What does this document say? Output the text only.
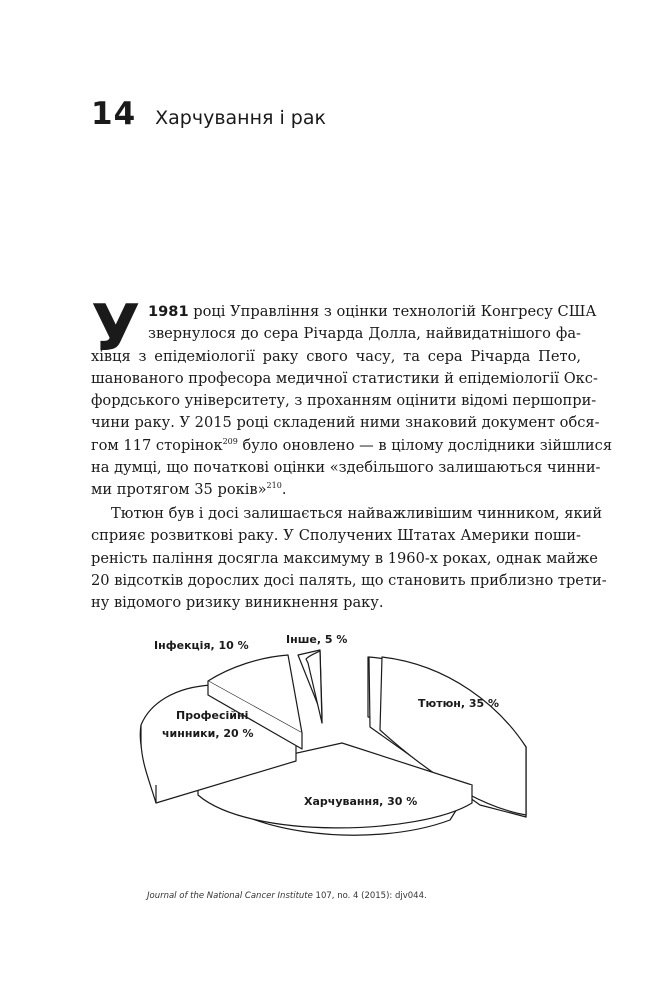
14 Харчування і рак
У 1981 році Управління з оцінки технологій Конгресу США
звернулося до сера Річарда Долла, найвидатнішого фа-
хівця з епідеміології раку свого часу, та сера Річарда Пето,
шанованого професора медичної статистики й епідеміології Окс-
фордського університету, з проханням оцінити відомі першопри-
чини раку. У 2015 році складений ними знаковий документ обся-
гом 117 сторінок$^{209}$ було оновлено — в цілому дослідники зійшлися
на думці, що початкові оцінки «здебільшого залишаються чинни-
ми протягом 35 років»$^{210}$.
Тютюн був і досі залишається найважливішим чинником, який
сприяє розвиткові раку. У Сполучених Штатах Америки поши-
реність паління досягла максимуму в 1960-х роках, однак майже
20 відсотків дорослих досі палять, що становить приблизно трети-
ну відомого ризику виникнення раку.
Інфекція, 10 %	Інше, 5 %
Тютюн, 35 %
Професійні
чинники, 20 %
Харчування, 30 %
Journal of the National Cancer Institute 107, no. 4 (2015): djv044.
